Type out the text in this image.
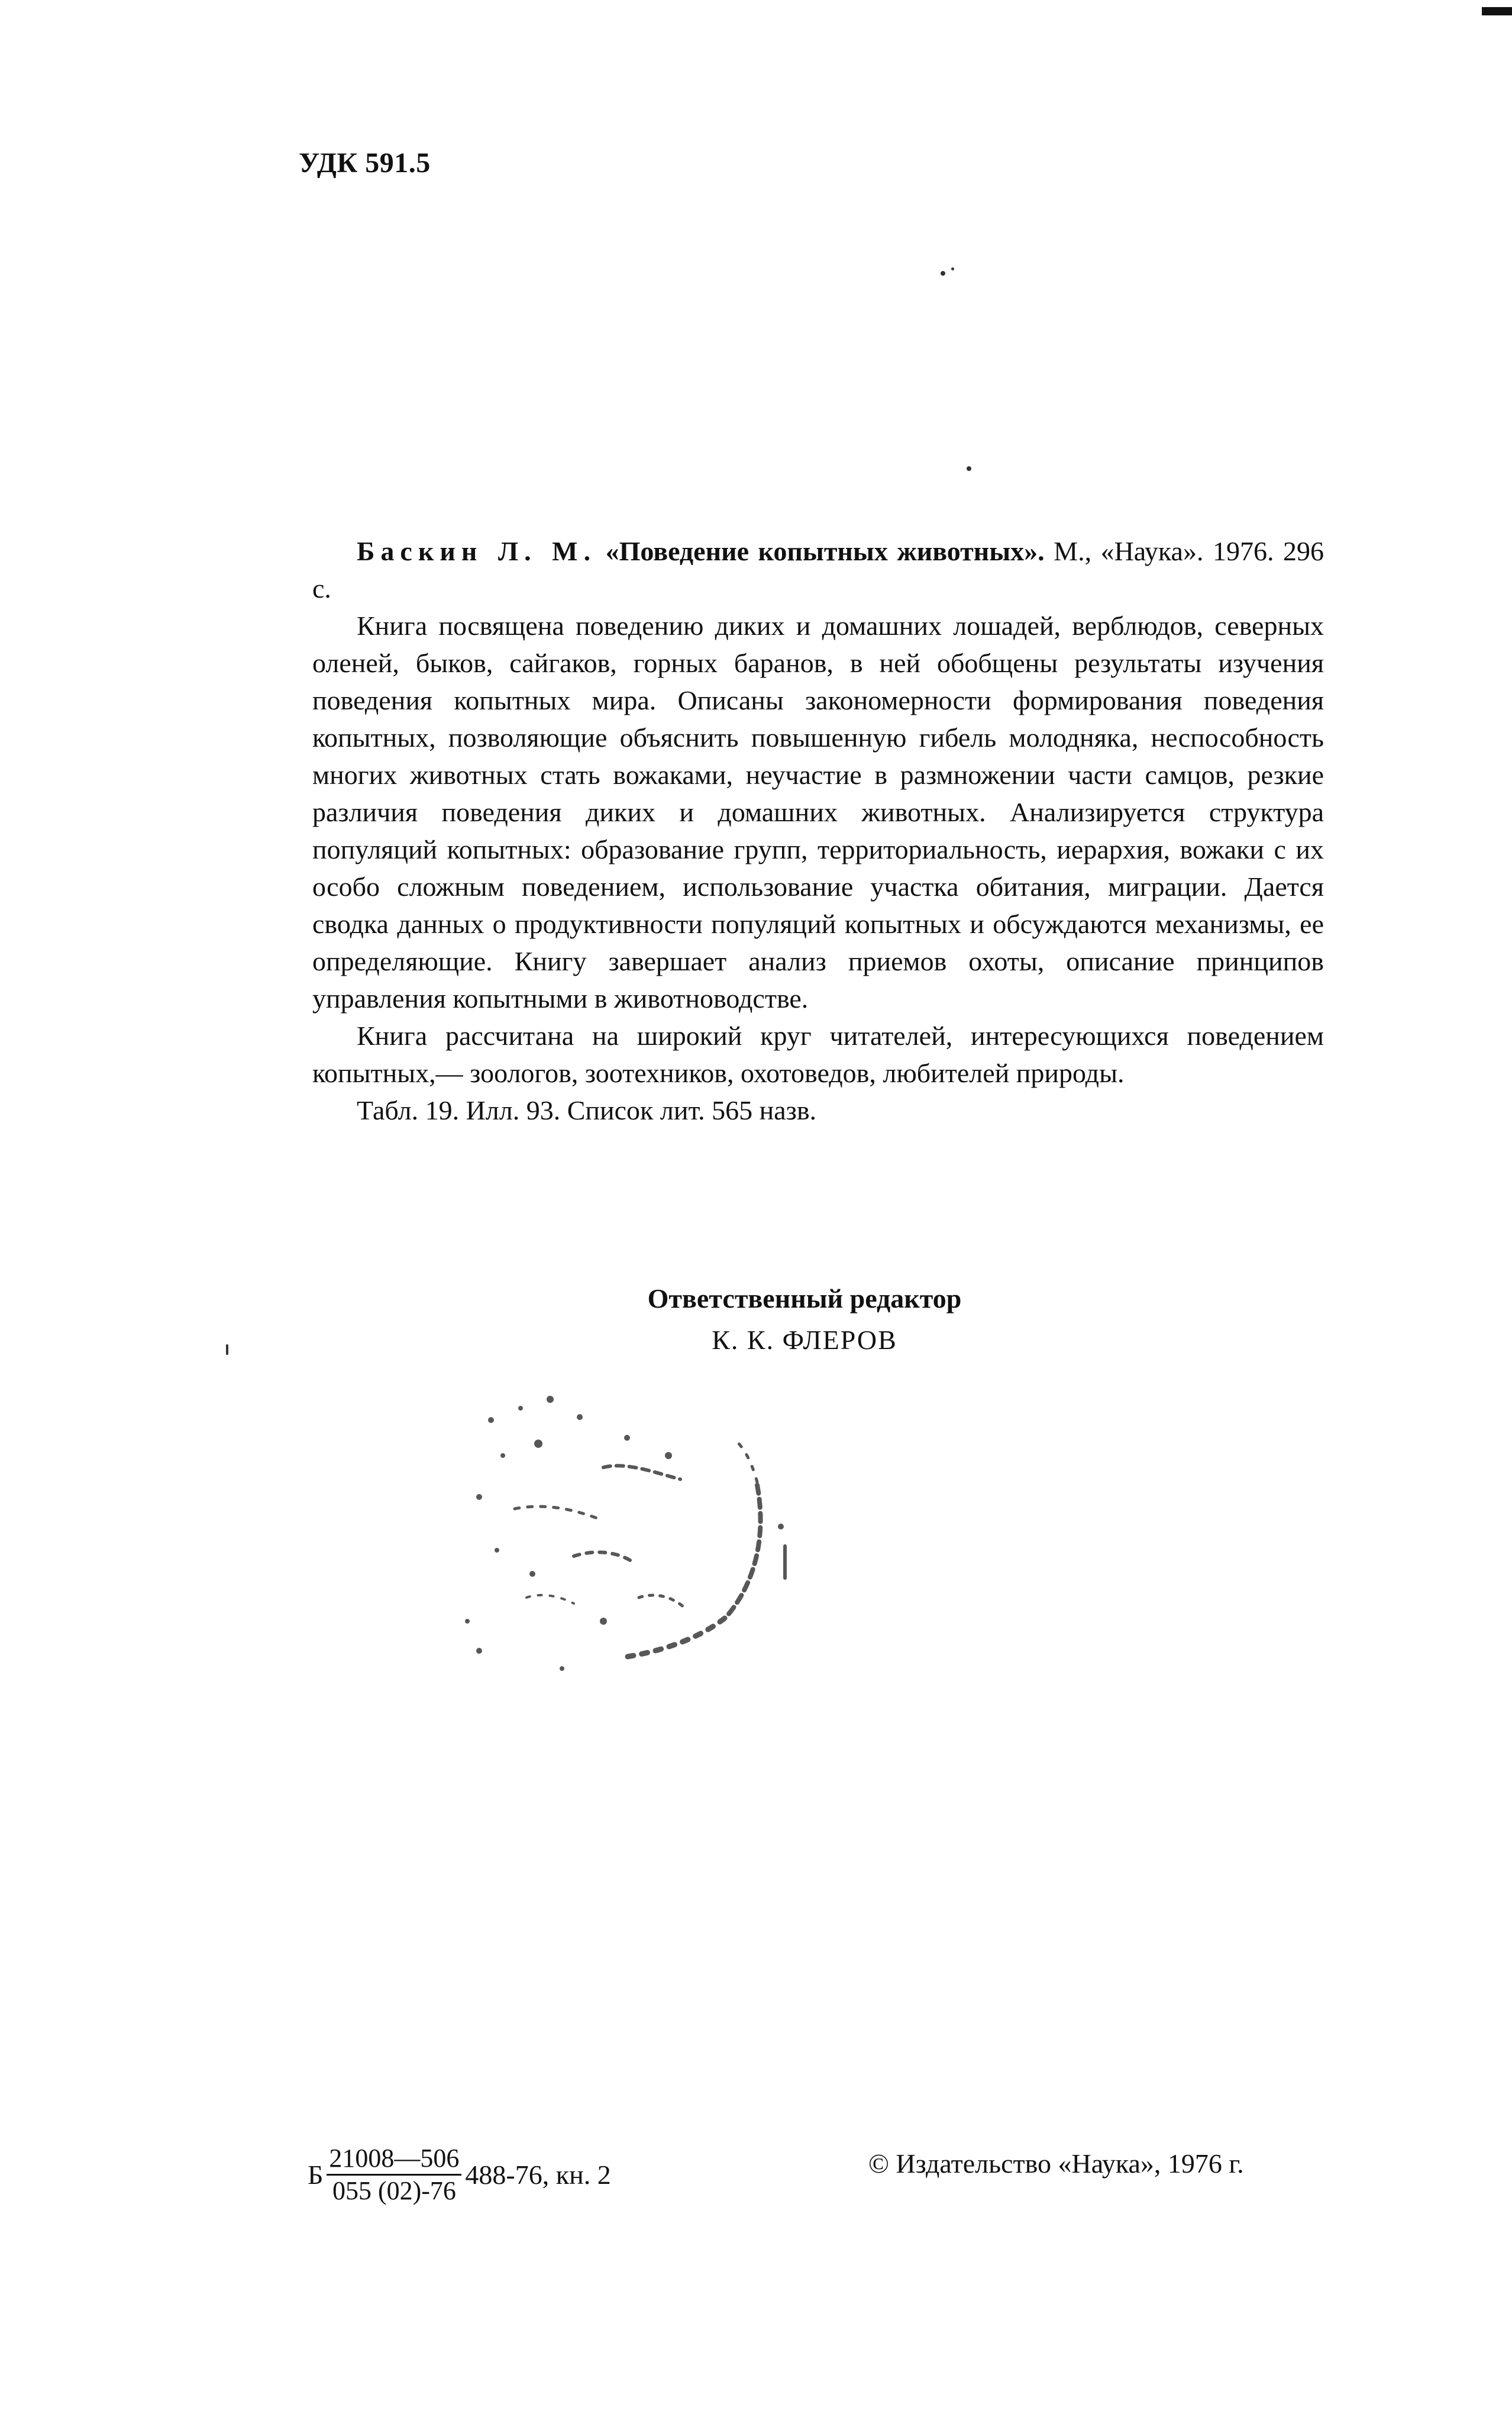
УДК 591.5

Баскин Л. М. «Поведение копытных животных». М., «Наука». 1976. 296 с.

Книга посвящена поведению диких и домашних лошадей, верблюдов, северных оленей, быков, сайгаков, горных баранов, в ней обобщены результаты изучения поведения копытных мира. Описаны закономерности формирования поведения копытных, позволяющие объяснить повышенную гибель молодняка, неспособность многих животных стать вожаками, неучастие в размножении части самцов, резкие различия поведения диких и домашних животных. Анализируется структура популяций копытных: образование групп, территориальность, иерархия, вожаки с их особо сложным поведением, использование участка обитания, миграции. Дается сводка данных о продуктивности популяций копытных и обсуждаются механизмы, ее определяющие. Книгу завершает анализ приемов охоты, описание принципов управления копытными в животноводстве.

Книга рассчитана на широкий круг читателей, интересующихся поведением копытных,— зоологов, зоотехников, охотоведов, любителей природы.

Табл. 19. Илл. 93. Список лит. 565 назв.

Ответственный редактор
К. К. ФЛЕРОВ
Б $\frac{21008—506}{055 (02)-76} 488-76$, кн. 2	© Издательство «Наука», 1976 г.
